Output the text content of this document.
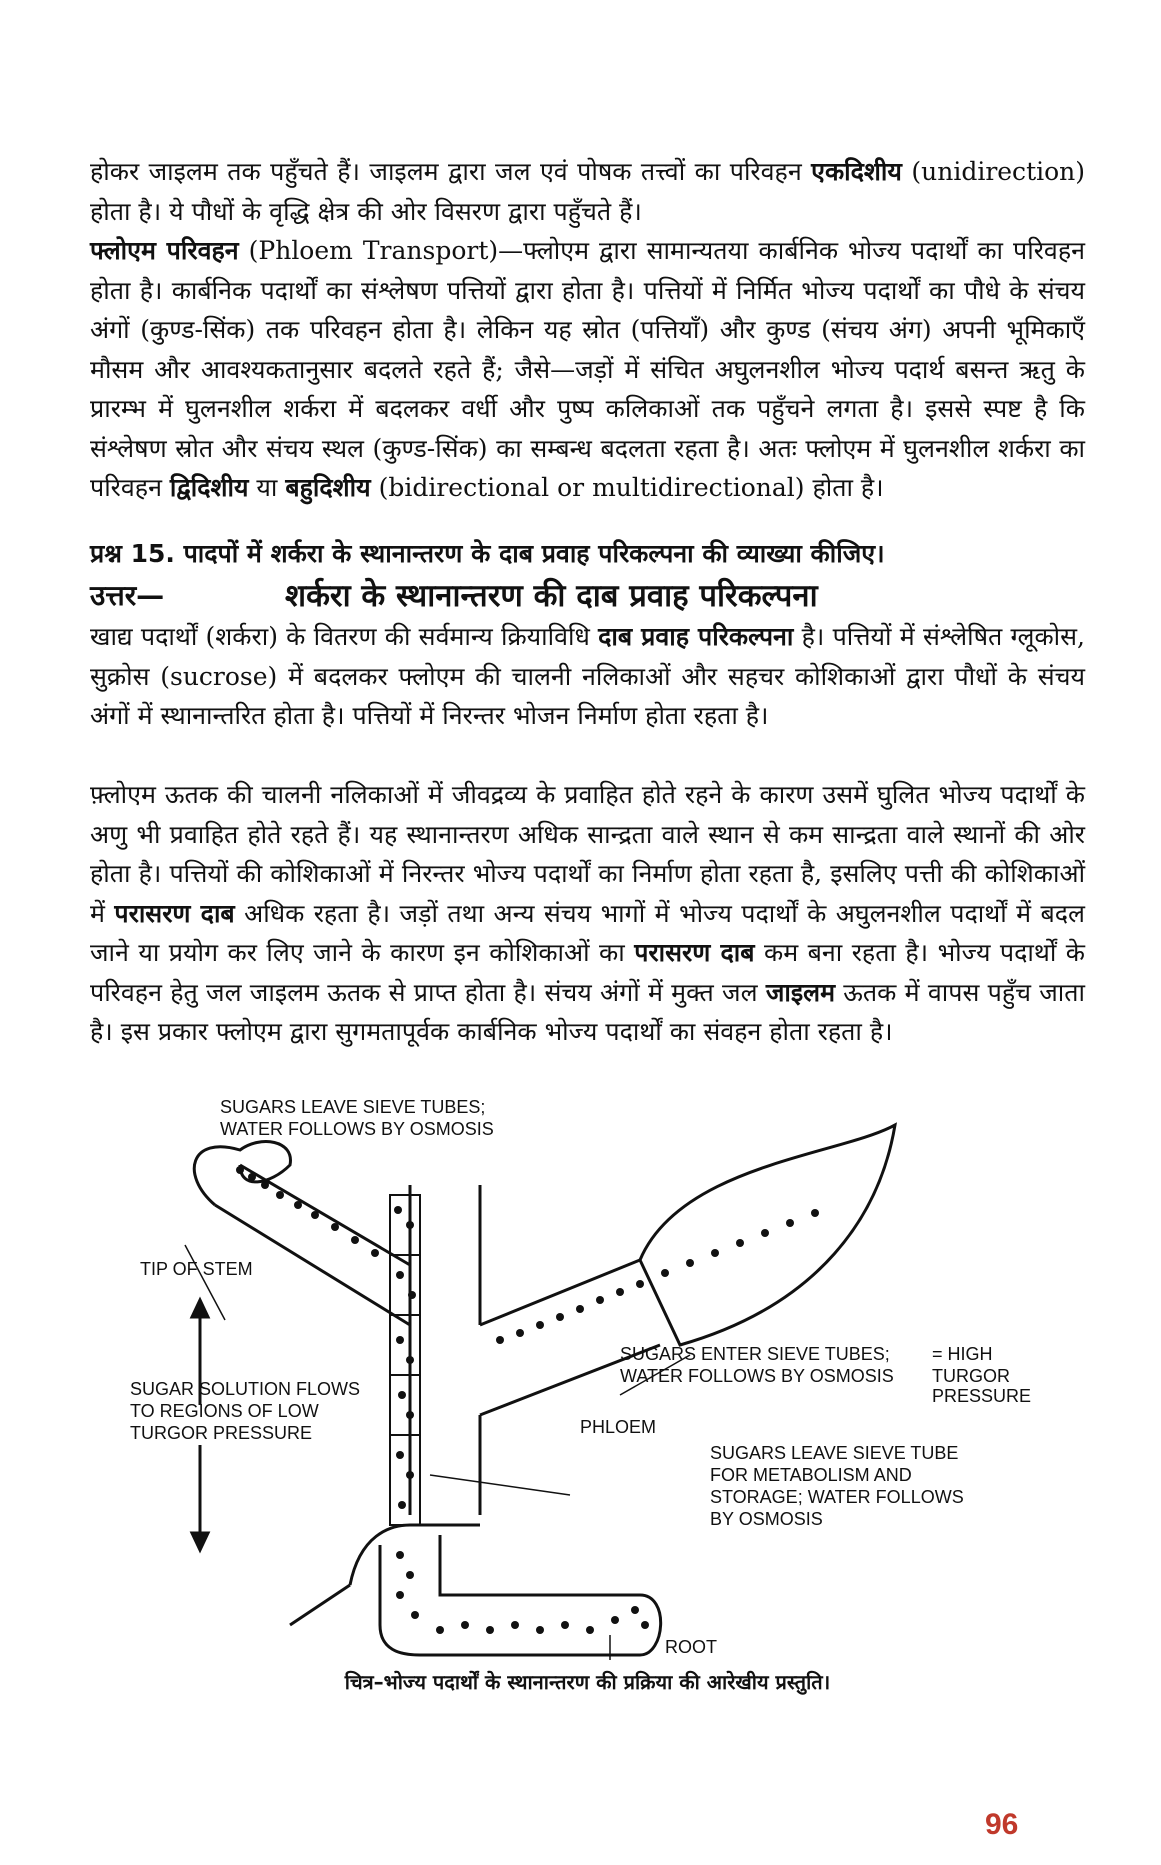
होकर जाइलम तक पहुँचते हैं। जाइलम द्वारा जल एवं पोषक तत्त्वों का परिवहन एकदिशीय (unidirection) होता है। ये पौधों के वृद्धि क्षेत्र की ओर विसरण द्वारा पहुँचते हैं।

फ्लोएम परिवहन (Phloem Transport)—फ्लोएम द्वारा सामान्यतया कार्बनिक भोज्य पदार्थों का परिवहन होता है। कार्बनिक पदार्थों का संश्लेषण पत्तियों द्वारा होता है। पत्तियों में निर्मित भोज्य पदार्थों का पौधे के संचय अंगों (कुण्ड-सिंक) तक परिवहन होता है। लेकिन यह स्रोत (पत्तियाँ) और कुण्ड (संचय अंग) अपनी भूमिकाएँ मौसम और आवश्यकतानुसार बदलते रहते हैं; जैसे—जड़ों में संचित अघुलनशील भोज्य पदार्थ बसन्त ऋतु के प्रारम्भ में घुलनशील शर्करा में बदलकर वर्धी और पुष्प कलिकाओं तक पहुँचने लगता है। इससे स्पष्ट है कि संश्लेषण स्रोत और संचय स्थल (कुण्ड-सिंक) का सम्बन्ध बदलता रहता है। अतः फ्लोएम में घुलनशील शर्करा का परिवहन द्विदिशीय या बहुदिशीय (bidirectional or multidirectional) होता है।

प्रश्न 15. पादपों में शर्करा के स्थानान्तरण के दाब प्रवाह परिकल्पना की व्याख्या कीजिए।

उत्तर—	शर्करा के स्थानान्तरण की दाब प्रवाह परिकल्पना

खाद्य पदार्थों (शर्करा) के वितरण की सर्वमान्य क्रियाविधि दाब प्रवाह परिकल्पना है। पत्तियों में संश्लेषित ग्लूकोस, सुक्रोस (sucrose) में बदलकर फ्लोएम की चालनी नलिकाओं और सहचर कोशिकाओं द्वारा पौधों के संचय अंगों में स्थानान्तरित होता है। पत्तियों में निरन्तर भोजन निर्माण होता रहता है।

फ़्लोएम ऊतक की चालनी नलिकाओं में जीवद्रव्य के प्रवाहित होते रहने के कारण उसमें घुलित भोज्य पदार्थों के अणु भी प्रवाहित होते रहते हैं। यह स्थानान्तरण अधिक सान्द्रता वाले स्थान से कम सान्द्रता वाले स्थानों की ओर होता है। पत्तियों की कोशिकाओं में निरन्तर भोज्य पदार्थों का निर्माण होता रहता है, इसलिए पत्ती की कोशिकाओं में परासरण दाब अधिक रहता है। जड़ों तथा अन्य संचय भागों में भोज्य पदार्थों के अघुलनशील पदार्थों में बदल जाने या प्रयोग कर लिए जाने के कारण इन कोशिकाओं का परासरण दाब कम बना रहता है। भोज्य पदार्थों के परिवहन हेतु जल जाइलम ऊतक से प्राप्त होता है। संचय अंगों में मुक्त जल जाइलम ऊतक में वापस पहुँच जाता है। इस प्रकार फ्लोएम द्वारा सुगमतापूर्वक कार्बनिक भोज्य पदार्थों का संवहन होता रहता है।

SUGARS LEAVE SIEVE TUBES;
WATER FOLLOWS BY OSMOSIS
TIP OF STEM
SUGAR SOLUTION FLOWS
TO REGIONS OF LOW
TURGOR PRESSURE
SUGARS ENTER SIEVE TUBES;
WATER FOLLOWS BY OSMOSIS
= HIGH
TURGOR
PRESSURE
PHLOEM
SUGARS LEAVE SIEVE TUBE
FOR METABOLISM AND
STORAGE; WATER FOLLOWS
BY OSMOSIS
ROOT
चित्र–भोज्य पदार्थों के स्थानान्तरण की प्रक्रिया की आरेखीय प्रस्तुति।
96
